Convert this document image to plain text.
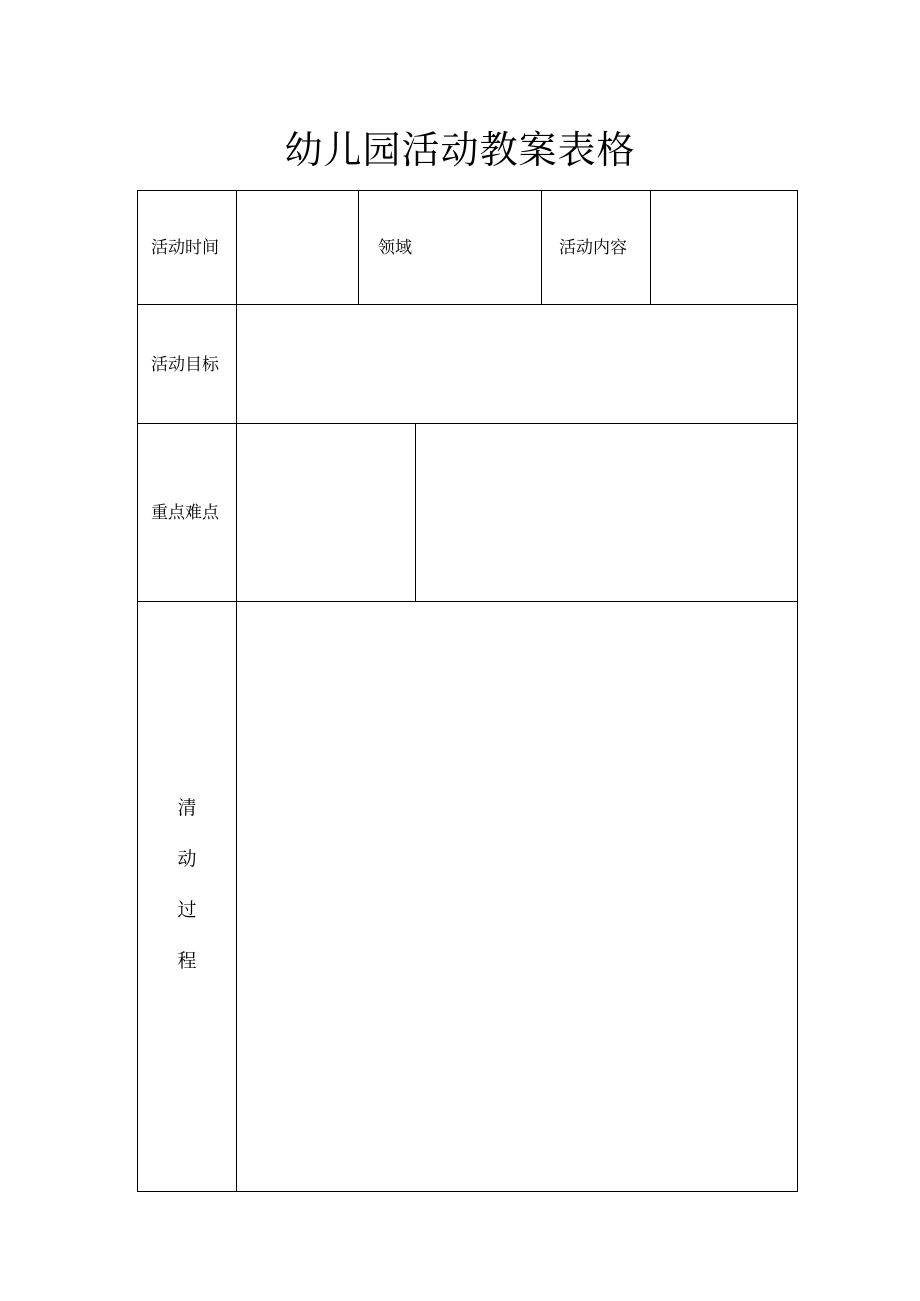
幼儿园活动教案表格
活动时间	领域	活动内容
活动目标
重点难点
清
动
过
程
